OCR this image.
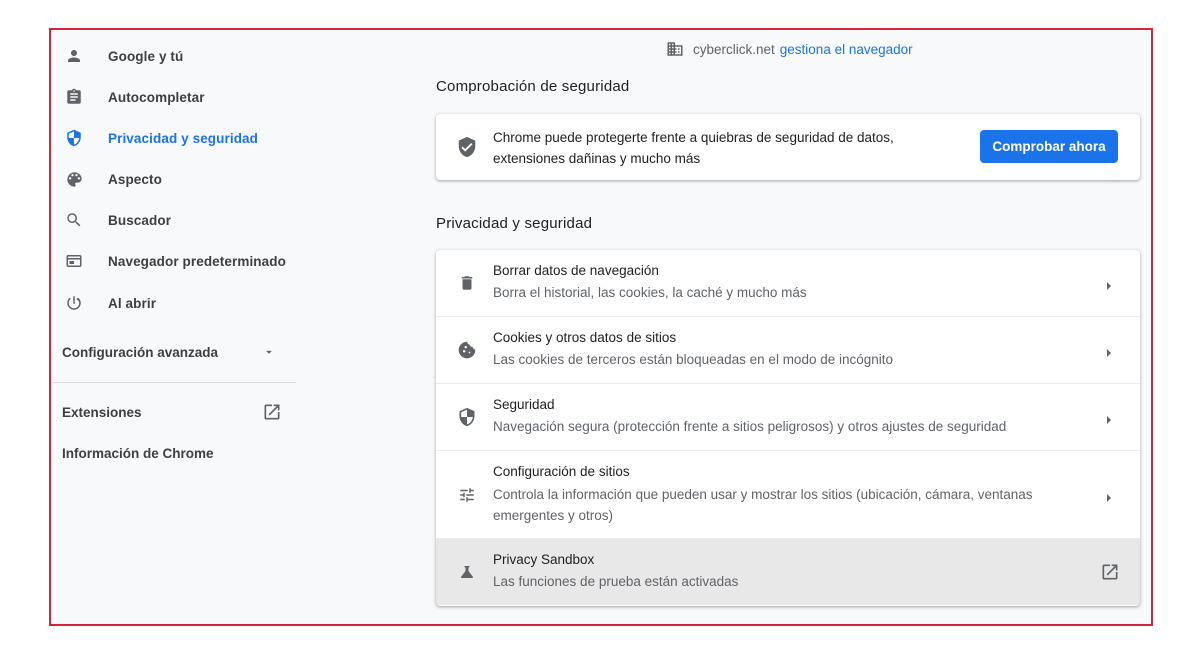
Google y tú
Autocompletar
Privacidad y seguridad
Aspecto
Buscador
Navegador predeterminado
Al abrir
Configuración avanzada
Extensiones
Información de Chrome
cyberclick.net gestiona el navegador
Comprobación de seguridad
Chrome puede protegerte frente a quiebras de seguridad de datos, extensiones dañinas y mucho más
Comprobar ahora
Privacidad y seguridad
Borrar datos de navegación
Borra el historial, las cookies, la caché y mucho más
Cookies y otros datos de sitios
Las cookies de terceros están bloqueadas en el modo de incógnito
Seguridad
Navegación segura (protección frente a sitios peligrosos) y otros ajustes de seguridad
Configuración de sitios
Controla la información que pueden usar y mostrar los sitios (ubicación, cámara, ventanas emergentes y otros)
Privacy Sandbox
Las funciones de prueba están activadas
